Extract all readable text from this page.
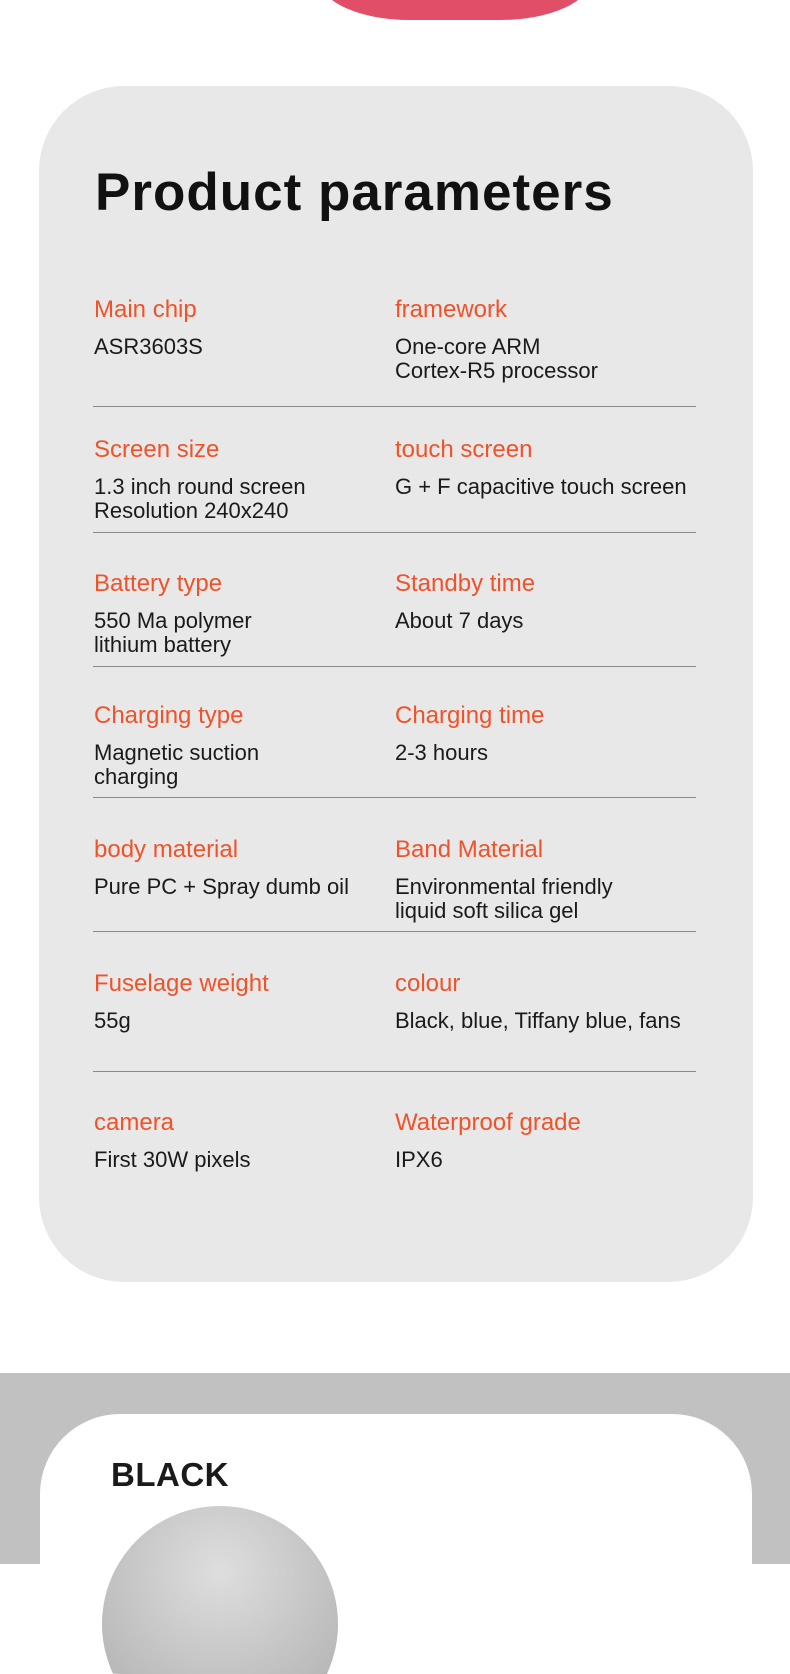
Product parameters
Main chip
ASR3603S
framework
One-core ARM
Cortex-R5 processor
Screen size
1.3 inch round screen
Resolution 240x240
touch screen
G + F capacitive touch screen
Battery type
550 Ma polymer
lithium battery
Standby time
About 7 days
Charging type
Magnetic suction
charging
Charging time
2-3 hours
body material
Pure PC + Spray dumb oil
Band Material
Environmental friendly
liquid soft silica gel
Fuselage weight
55g
colour
Black, blue, Tiffany blue, fans
camera
First 30W pixels
Waterproof grade
IPX6
BLACK
